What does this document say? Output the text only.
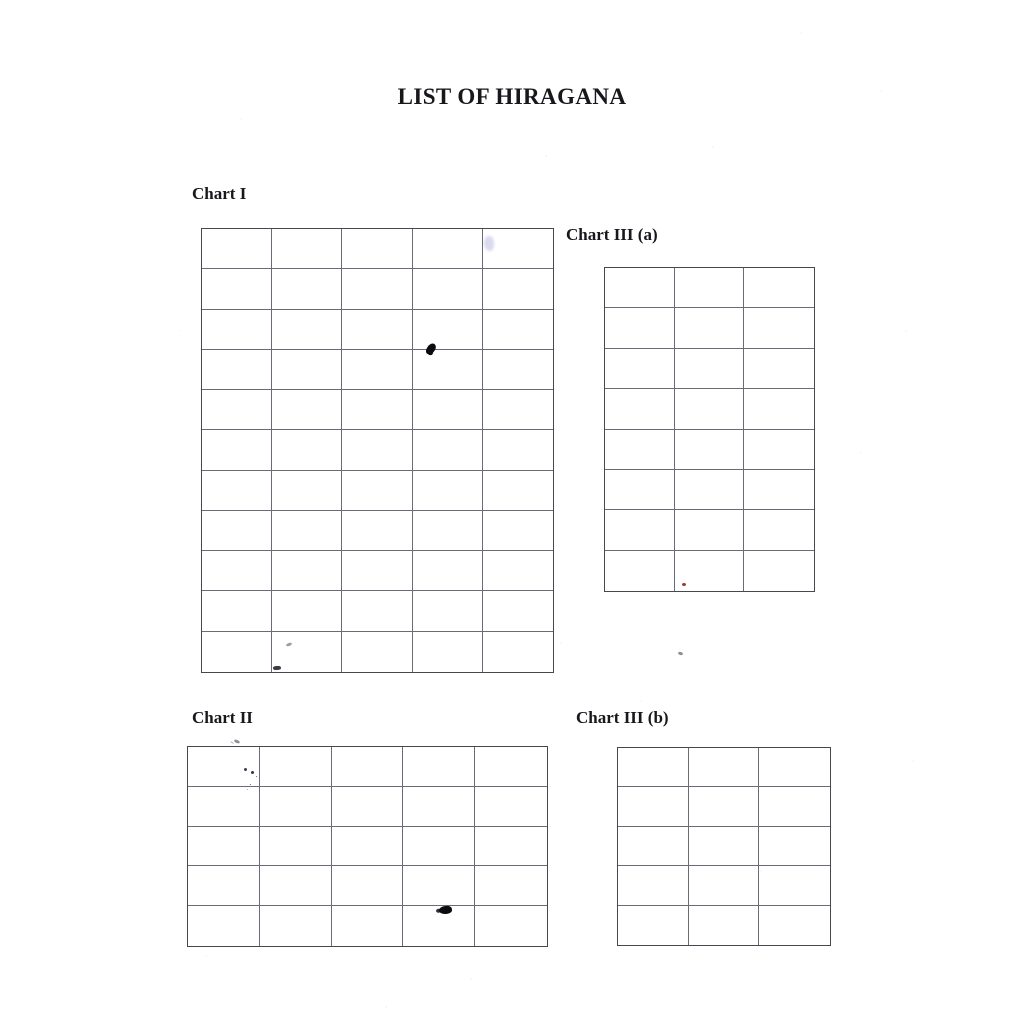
LIST OF HIRAGANA
Chart I
Chart III (a)
Chart II	Chart III (b)
